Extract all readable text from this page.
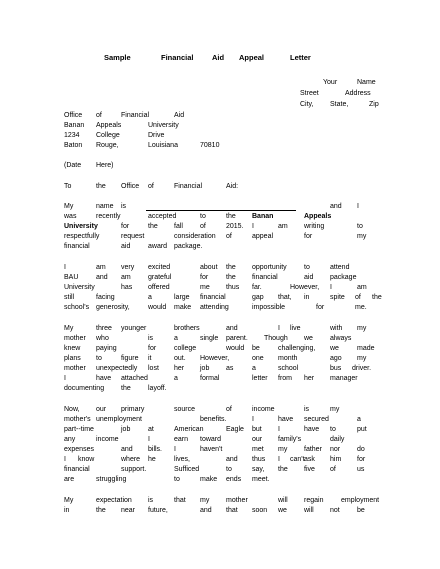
Sample	Financial Aid Appeal	Letter
Your	Name
Street	Address
City, State,	Zip
Office of	Financial	Aid
Banan Appeals	University
1234 College	Drive
Baton Rouge,	Louisiana	70810
(Date Here)
To	the Office of	Financial	Aid:
My	name is	and I
was	recently	accepted	to	the Banan	Appeals
University	for	the fall of	2015. I	am writing	to
respectfully	request	consideration of	appeal	for	my
financial	aid	award package.
I	am very excited	about the opportunity to	attend
BAU	and am grateful	for	the financial	aid package
University	has offered	me thus far.	However, I	am
still	facing	a	large financial	gap that, in	spite of the
school's generosity,	would make attending	impossible	for	me.
My	three younger	brothers	and	I live	with my
mother who	is	a	single parent. Though we always
knew paying	for	college	would be	challenging, we	made
plans to	figure it	out. However,	one month	ago my
mother unexpectedly lost her job as	a	school	bus driver.
I	have attached	a	formal	letter from her manager
documenting the layoff.
Now, our primary	source	of	income	is	my
mother's unemployment	benefits.	I	have secured	a
part-‐time	job	at	American	Eagle but I	have to	put
any	income	I	earn toward	our family's	daily
expenses	and bills. I	haven't	met my father nor do
I know	where he	lives,	and thus I can't ask him for
financial	support.	Sufficed	to	say, the five of	us
are	struggling	to	make ends meet.
My	expectation is	that my mother	will regain	employment
in	the near future,	and that soon we will not be
